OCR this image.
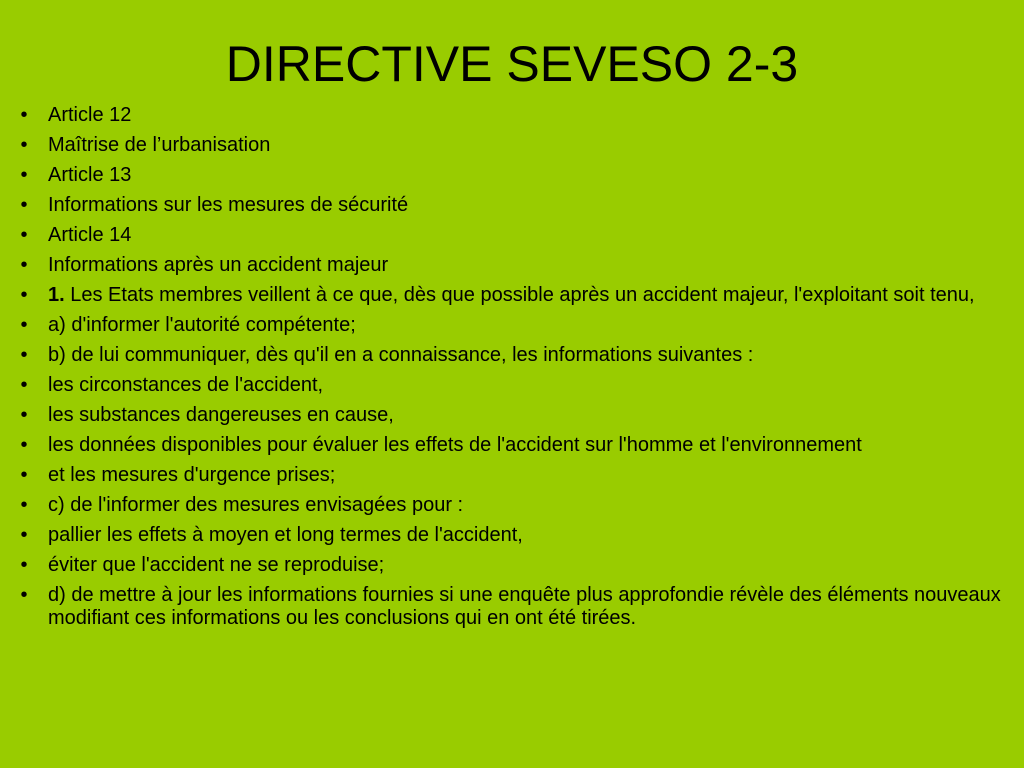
DIRECTIVE SEVESO 2-3
•	Article 12
•	Maîtrise de l’urbanisation
•	Article 13
•	Informations sur les mesures de sécurité
•	Article 14
•	Informations après un accident majeur
•	1. Les Etats membres veillent à ce que, dès que possible après un accident majeur, l'exploitant soit tenu,
•	a) d'informer l'autorité compétente;
•	b) de lui communiquer, dès qu'il en a connaissance, les informations suivantes :
•	les circonstances de l'accident,
•	les substances dangereuses en cause,
•	les données disponibles pour évaluer les effets de l'accident sur l'homme et l'environnement
•	et les mesures d'urgence prises;
•	c) de l'informer des mesures envisagées pour :
•	pallier les effets à moyen et long termes de l'accident,
•	éviter que l'accident ne se reproduise;
•	d) de mettre à jour les informations fournies si une enquête plus approfondie révèle des éléments nouveaux modifiant ces informations ou les conclusions qui en ont été tirées.
